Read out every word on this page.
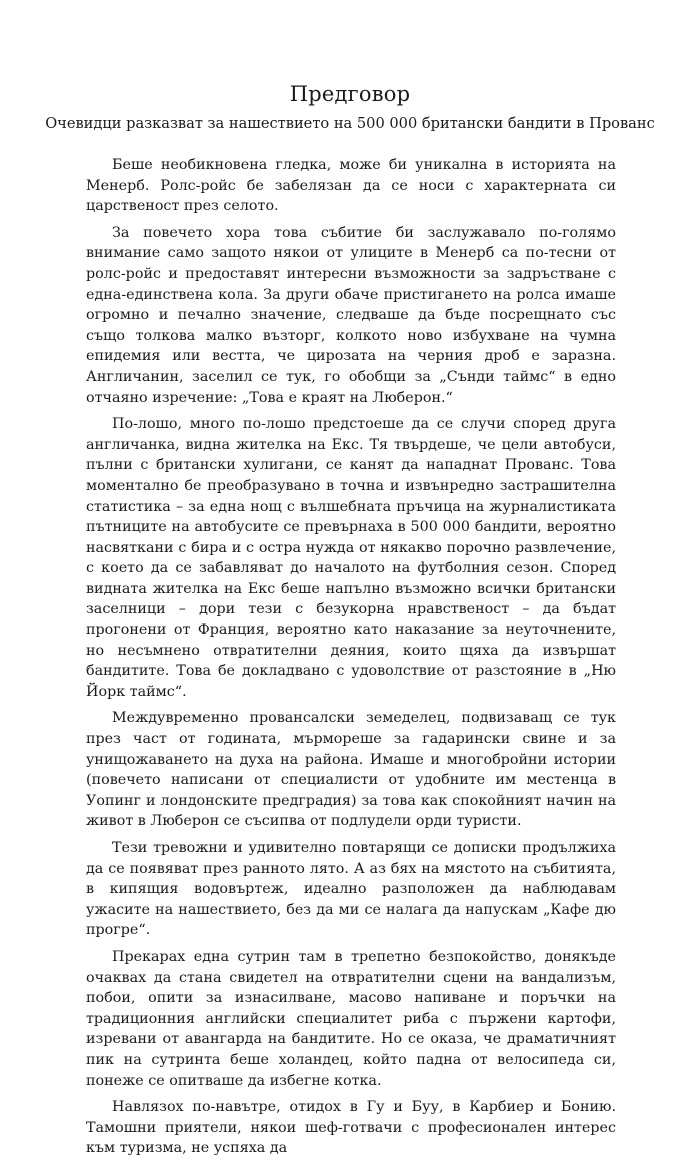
Предговор

Очевидци разказват за нашествието на 500 000 британски бандити в Прованс

Беше необикновена гледка, може би уникална в историята на Менерб. Ролс-ройс бе забелязан да се носи с характерната си царственост през селото.

За повечето хора това събитие би заслужавало по-голямо внимание само защото някои от улиците в Менерб са по-тесни от ролс-ройс и предоставят интересни възможности за задръстване с една-единствена кола. За други обаче пристигането на ролса имаше огромно и печално значение, следваше да бъде посрещнато със също толкова малко възторг, колкото ново избухване на чумна епидемия или вестта, че цирозата на черния дроб е заразна. Англичанин, заселил се тук, го обобщи за „Сънди таймс“ в едно отчаяно изречение: „Това е краят на Люберон.“

По-лошо, много по-лошо предстоеше да се случи според друга англичанка, видна жителка на Екс. Тя твърдеше, че цели автобуси, пълни с британски хулигани, се канят да нападнат Прованс. Това моментално бе преобразувано в точна и извънредно застрашителна статистика – за една нощ с вълшебната пръчица на журналистиката пътниците на автобусите се превърнаха в 500 000 бандити, вероятно насвяткани с бира и с остра нужда от някакво порочно развлечение, с което да се забавляват до началото на футболния сезон. Според видната жителка на Екс беше напълно възможно всички британски заселници – дори тези с безукорна нравственост – да бъдат прогонени от Франция, вероятно като наказание за неуточнените, но несъмнено отвратителни деяния, които щяха да извършат бандитите. Това бе докладвано с удоволствие от разстояние в „Ню Йорк таймс“.

Междувременно провансалски земеделец, подвизаващ се тук през част от годината, мърмореше за гадарински свине и за унищожаването на духа на района. Имаше и многобройни истории (повечето написани от специалисти от удобните им местенца в Уопинг и лондонските предградия) за това как спокойният начин на живот в Люберон се съсипва от подлудели орди туристи.

Тези тревожни и удивително повтарящи се дописки продължиха да се появяват през ранното лято. А аз бях на мястото на събитията, в кипящия водовъртеж, идеално разположен да наблюдавам ужасите на нашествието, без да ми се налага да напускам „Кафе дю прогре“.

Прекарах една сутрин там в трепетно безпокойство, донякъде очаквах да стана свидетел на отвратителни сцени на вандализъм, побои, опити за изнасилване, масово напиване и поръчки на традиционния английски специалитет риба с пържени картофи, изревани от авангарда на бандитите. Но се оказа, че драматичният пик на сутринта беше холандец, който падна от велосипеда си, понеже се опитваше да избегне котка.

Навлязох по-навътре, отидох в Гу и Буу, в Карбиер и Бонию. Тамошни приятели, някои шеф-готвачи с професионален интерес към туризма, не успяха да
